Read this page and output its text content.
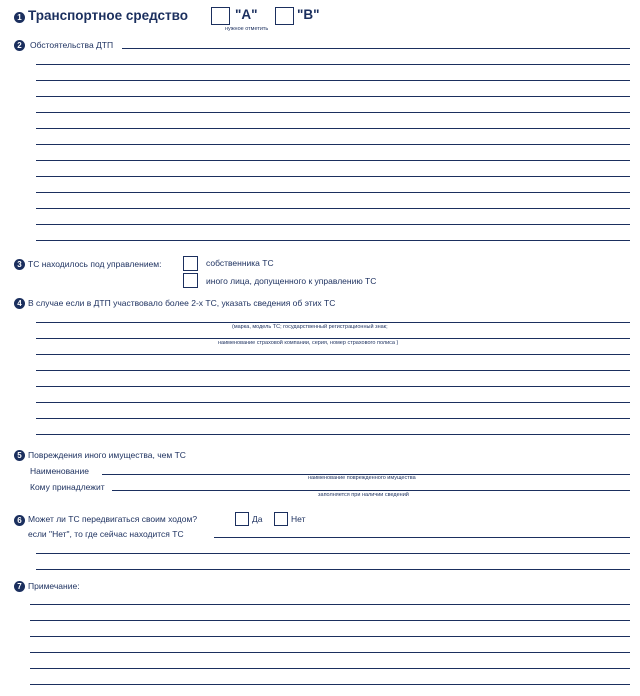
1 Транспортное средство	"А"	"В"
нужное отметить
2 Обстоятельства ДТП
3 ТС находилось под управлением:	собственника ТС
иного лица, допущенного к управлению ТС
4 В случае если в ДТП участвовало более 2-х ТС, указать сведения об этих ТС
(марка, модель ТС; государственный регистрационный знак;
наименование страховой компании, серия, номер страхового полиса )
5 Повреждения иного имущества, чем ТС
Наименование
наименование поврежденного имущества
Кому принадлежит
заполняется при наличии сведений
6 Может ли ТС передвигаться своим ходом?	Да	Нет
если "Нет", то где сейчас находится ТС
7 Примечание:
